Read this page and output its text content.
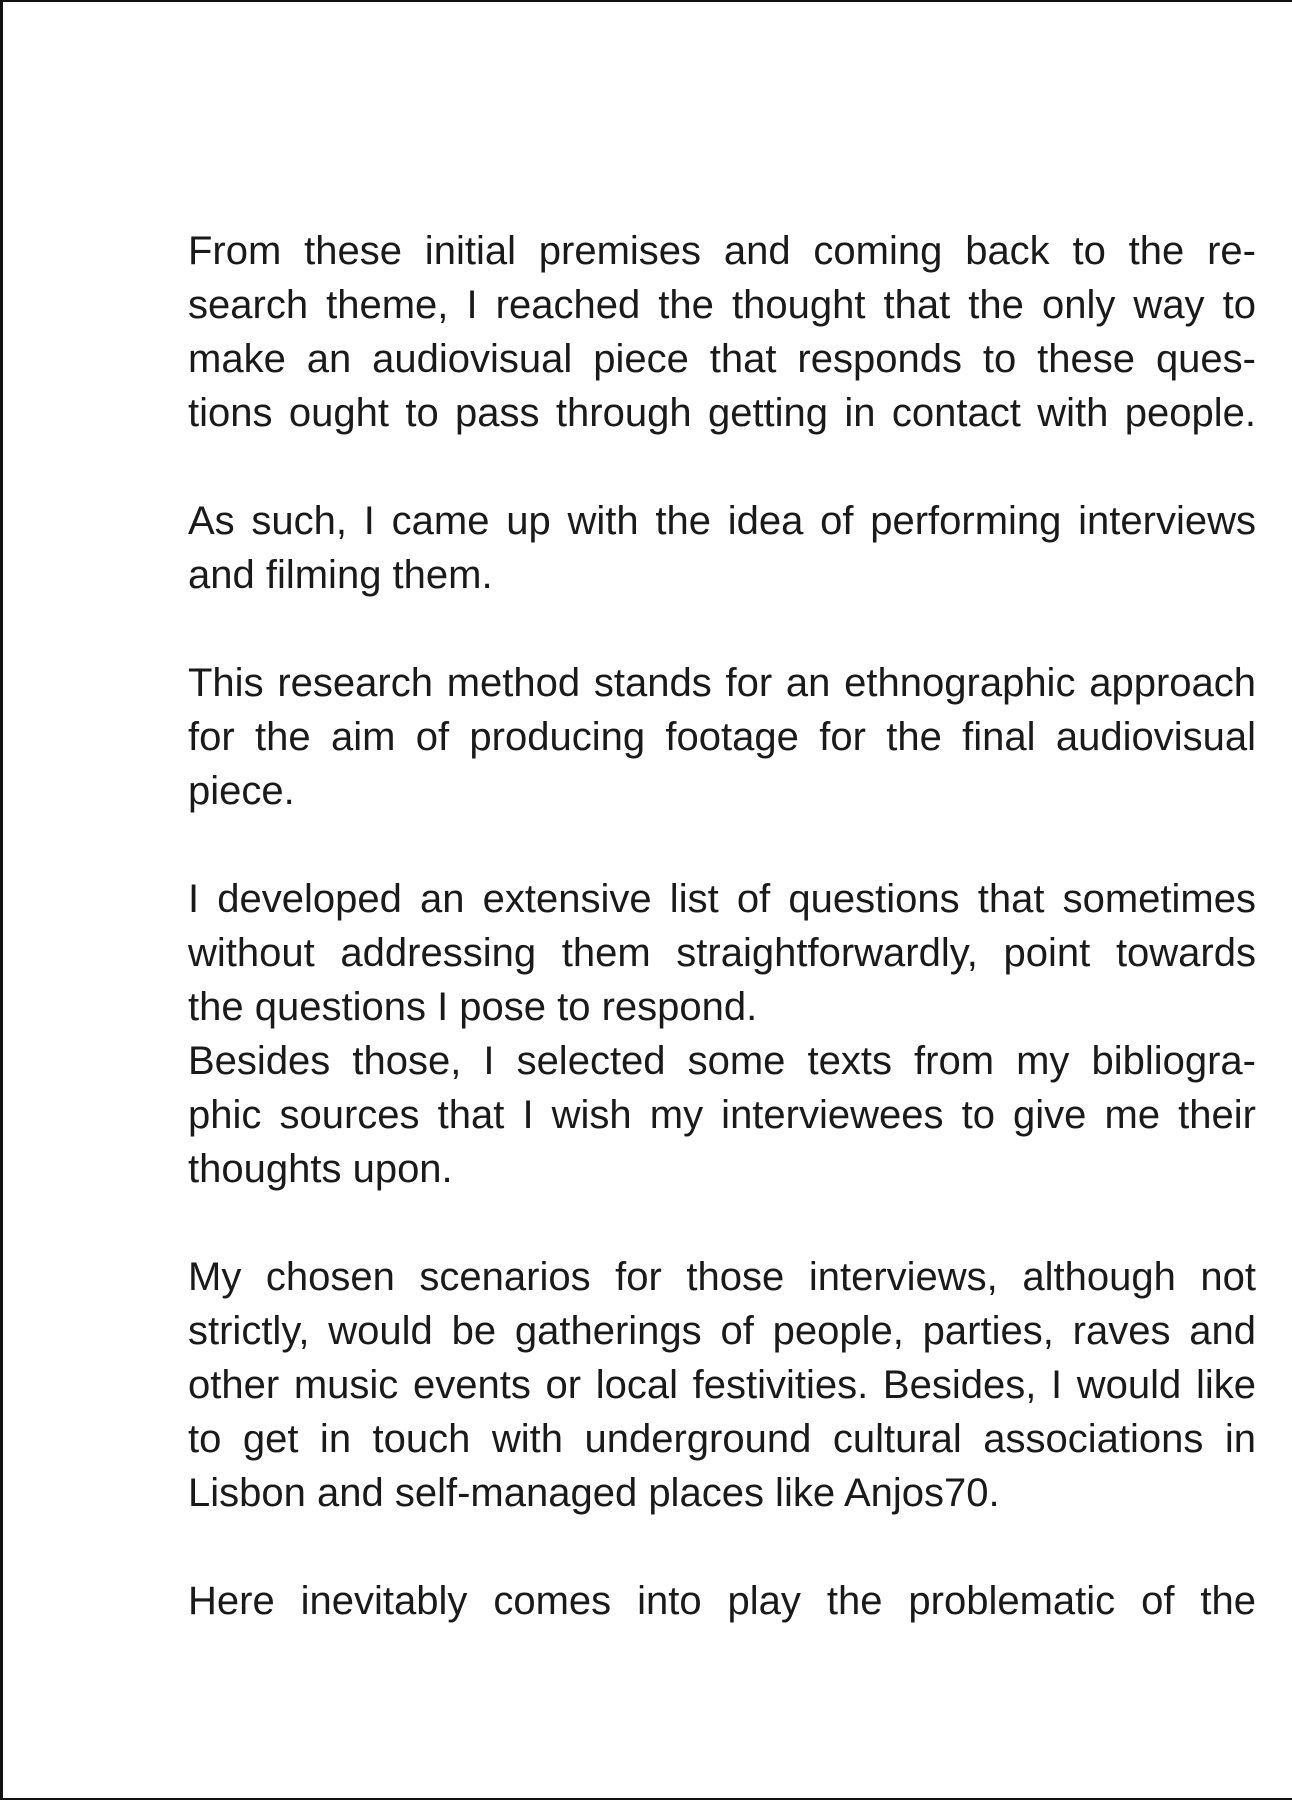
From these initial premises and coming back to the re-
search theme, I reached the thought that the only way to
make an audiovisual piece that responds to these ques-
tions ought to pass through getting in contact with people.

As such, I came up with the idea of performing interviews
and filming them.

This research method stands for an ethnographic approach
for the aim of producing footage for the final audiovisual
piece.

I developed an extensive list of questions that sometimes
without addressing them straightforwardly, point towards
the questions I pose to respond.

Besides those, I selected some texts from my bibliogra-
phic sources that I wish my interviewees to give me their
thoughts upon.

My chosen scenarios for those interviews, although not
strictly, would be gatherings of people, parties, raves and
other music events or local festivities. Besides, I would like
to get in touch with underground cultural associations in
Lisbon and self-managed places like Anjos70.

Here inevitably comes into play the problematic of the
